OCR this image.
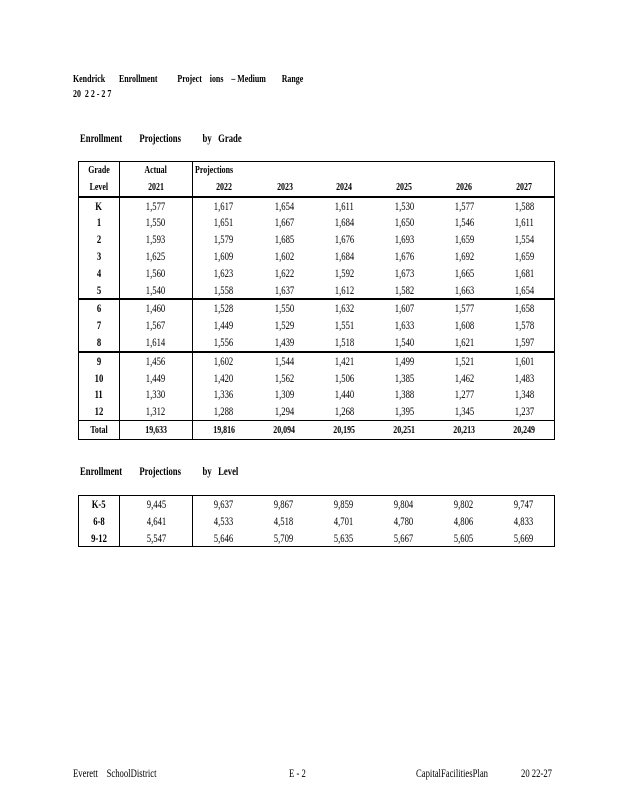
Kendrick       Enrollment          Project    ions    – Medium        Range
20  2 2 - 2 7
Enrollment        Projections          by   Grade
Grade	Actual	Projections					
Level	2021	2022	2023	2024	2025	2026	2027
K	1,577	1,617	1,654	1,611	1,530	1,577	1,588
1	1,550	1,651	1,667	1,684	1,650	1,546	1,611
2	1,593	1,579	1,685	1,676	1,693	1,659	1,554
3	1,625	1,609	1,602	1,684	1,676	1,692	1,659
4	1,560	1,623	1,622	1,592	1,673	1,665	1,681
5	1,540	1,558	1,637	1,612	1,582	1,663	1,654
6	1,460	1,528	1,550	1,632	1,607	1,577	1,658
7	1,567	1,449	1,529	1,551	1,633	1,608	1,578
8	1,614	1,556	1,439	1,518	1,540	1,621	1,597
9	1,456	1,602	1,544	1,421	1,499	1,521	1,601
10	1,449	1,420	1,562	1,506	1,385	1,462	1,483
11	1,330	1,336	1,309	1,440	1,388	1,277	1,348
12	1,312	1,288	1,294	1,268	1,395	1,345	1,237
Total	19,633	19,816	20,094	20,195	20,251	20,213	20,249
Enrollment        Projections          by   Level
K-5	9,445	9,637	9,867	9,859	9,804	9,802	9,747
6-8	4,641	4,533	4,518	4,701	4,780	4,806	4,833
9-12	5,547	5,646	5,709	5,635	5,667	5,605	5,669
Everett    SchoolDistrict	E - 2	CapitalFacilitiesPlan	20 22-27
